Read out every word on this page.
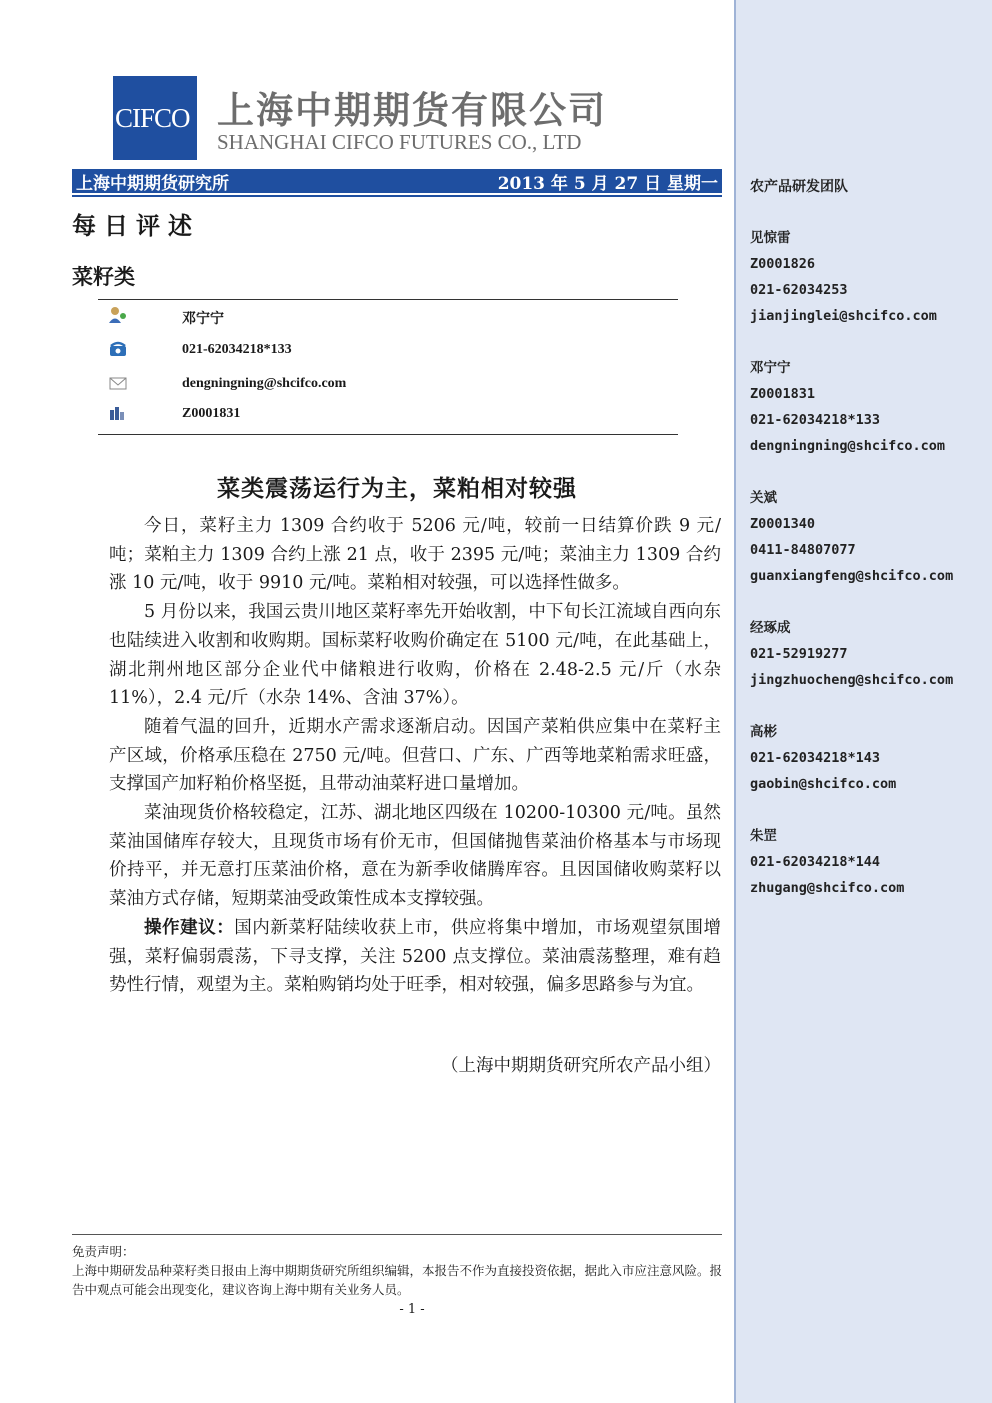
CIFCO 上海中期期货有限公司
SHANGHAI CIFCO FUTURES CO., LTD
上海中期期货研究所	2013 年 5 月 27 日 星期一
每日评述
菜籽类
邓宁宁
021-62034218*133
dengningning@shcifco.com
Z0001831
菜类震荡运行为主，菜粕相对较强

今日，菜籽主力 1309 合约收于 5206 元/吨，较前一日结算价跌 9 元/吨；菜粕主力 1309 合约上涨 21 点，收于 2395 元/吨；菜油主力 1309 合约涨 10 元/吨，收于 9910 元/吨。菜粕相对较强，可以选择性做多。

5 月份以来，我国云贵川地区菜籽率先开始收割，中下旬长江流域自西向东也陆续进入收割和收购期。国标菜籽收购价确定在 5100 元/吨，在此基础上，湖北荆州地区部分企业代中储粮进行收购，价格在 2.48-2.5 元/斤（水杂 11%），2.4 元/斤（水杂 14%、含油 37%）。

随着气温的回升，近期水产需求逐渐启动。因国产菜粕供应集中在菜籽主产区域，价格承压稳在 2750 元/吨。但营口、广东、广西等地菜粕需求旺盛，支撑国产加籽粕价格坚挺，且带动油菜籽进口量增加。

菜油现货价格较稳定，江苏、湖北地区四级在 10200-10300 元/吨。虽然菜油国储库存较大，且现货市场有价无市，但国储抛售菜油价格基本与市场现价持平，并无意打压菜油价格，意在为新季收储腾库容。且因国储收购菜籽以菜油方式存储，短期菜油受政策性成本支撑较强。

操作建议：国内新菜籽陆续收获上市，供应将集中增加，市场观望氛围增强，菜籽偏弱震荡，下寻支撑，关注 5200 点支撑位。菜油震荡整理，难有趋势性行情，观望为主。菜粕购销均处于旺季，相对较强，偏多思路参与为宜。

（上海中期期货研究所农产品小组）
免责声明：
上海中期研发品种菜籽类日报由上海中期期货研究所组织编辑，本报告不作为直接投资依据，据此入市应注意风险。报告中观点可能会出现变化，建议咨询上海中期有关业务人员。
- 1 -
农产品研发团队
见惊雷
Z0001826
021-62034253
jianjinglei@shcifco.com
邓宁宁
Z0001831
021-62034218*133
dengningning@shcifco.com
关斌
Z0001340
0411-84807077
guanxiangfeng@shcifco.com
经琢成
021-52919277
jingzhuocheng@shcifco.com
高彬
021-62034218*143
gaobin@shcifco.com
朱罡
021-62034218*144
zhugang@shcifco.com
